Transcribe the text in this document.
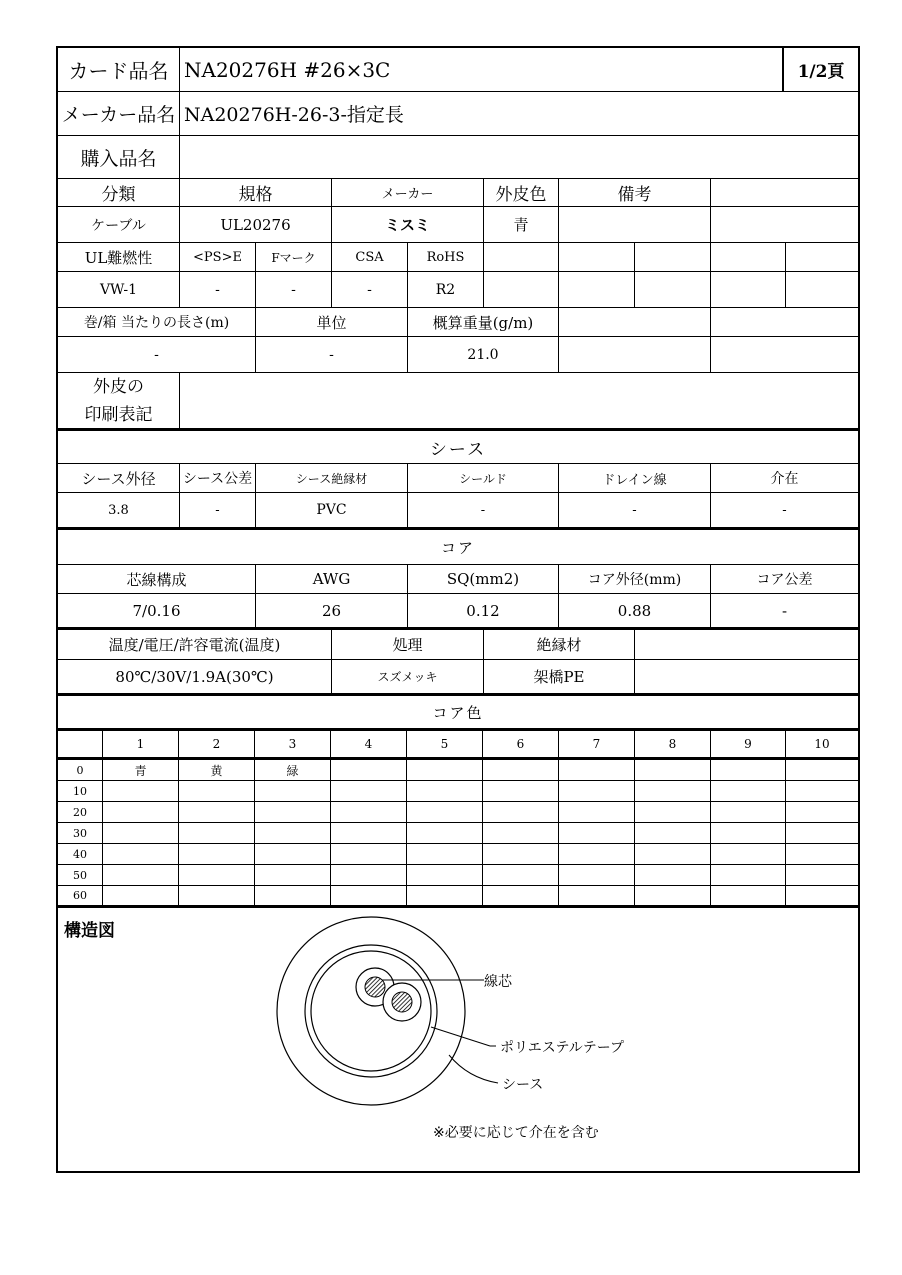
カード品名 NA20276H #26×3C	1/2頁
メーカー品名 NA20276H-26-3-指定長
購入品名
分類	規格	メーカー	外皮色	備考
ケーブル	UL20276	ミスミ	青
UL難燃性	<PS>E	Fマーク	CSA	RoHS
VW-1	-	-	-	R2
巻/箱 当たりの長さ(m)	単位	概算重量(g/m)
-	-	21.0
外皮の
印刷表記
シース
シース外径	シース公差	シース絶縁材	シールド	ドレイン線	介在
3.8	-	PVC	-	-	-
コア
芯線構成	AWG	SQ(mm2)	コア外径(mm)	コア公差
7/0.16	26	0.12	0.88	-
温度/電圧/許容電流(温度)	処理	絶縁材
80℃/30V/1.9A(30℃)	スズメッキ	架橋PE
コア色
1	2	3	4	5	6	7	8	9	10
0	青	黄	緑
10
20
30
40
50
60
構造図
線芯
ポリエステルテープ
シース
※必要に応じて介在を含む
